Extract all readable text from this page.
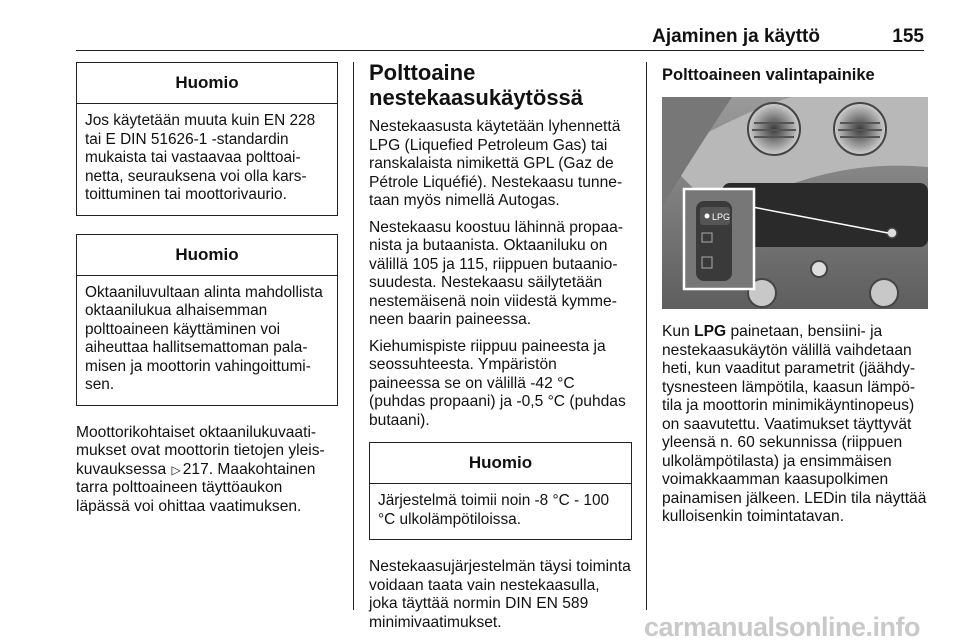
Ajaminen ja käyttö	155
Huomio
Jos käytetään muuta kuin EN 228 tai E DIN 51626-1 -standardin mukaista tai vastaavaa polttoainetta, seurauksena voi olla karstoittuminen tai moottorivaurio.
Huomio
Oktaaniluvultaan alinta mahdollista oktaanilukua alhaisemman polttoaineen käyttäminen voi aiheuttaa hallitsemattoman palamisen ja moottorin vahingoittumisen.

Moottorikohtaiset oktaanilukuvaatimukset ovat moottorin tietojen yleiskuvauksessa ▷ 217. Maakohtainen tarra polttoaineen täyttöaukon läpässä voi ohittaa vaatimuksen.

Polttoaine nestekaasukäytössä

Nestekaasusta käytetään lyhennettä LPG (Liquefied Petroleum Gas) tai ranskalaista nimikettä GPL (Gaz de Pétrole Liquéfié). Nestekaasu tunnetaan myös nimellä Autogas.

Nestekaasu koostuu lähinnä propaanista ja butaanista. Oktaaniluku on välillä 105 ja 115, riippuen butaaniosuudesta. Nestekaasu säilytetään nestemäisenä noin viidestä kymmeneen baarin paineessa.

Kiehumispiste riippuu paineesta ja seossuhteesta. Ympäristön paineessa se on välillä -42 °C (puhdas propaani) ja -0,5 °C (puhdas butaani).

Huomio
Järjestelmä toimii noin -8 °C - 100 °C ulkolämpötiloissa.

Nestekaasujärjestelmän täysi toiminta voidaan taata vain nestekaasulla, joka täyttää normin DIN EN 589 minimivaatimukset.

Polttoaineen valintapainike
LPG

Kun LPG painetaan, bensiini- ja nestekaasukäytön välillä vaihdetaan heti, kun vaaditut parametrit (jäähdytysnesteen lämpötila, kaasun lämpötila ja moottorin minimikäyntinopeus) on saavutettu. Vaatimukset täyttyvät yleensä n. 60 sekunnissa (riippuen ulkolämpötilasta) ja ensimmäisen voimakkaamman kaasupolkimen painamisen jälkeen. LEDin tila näyttää kulloisenkin toimintatavan.

carmanualsonline.info
